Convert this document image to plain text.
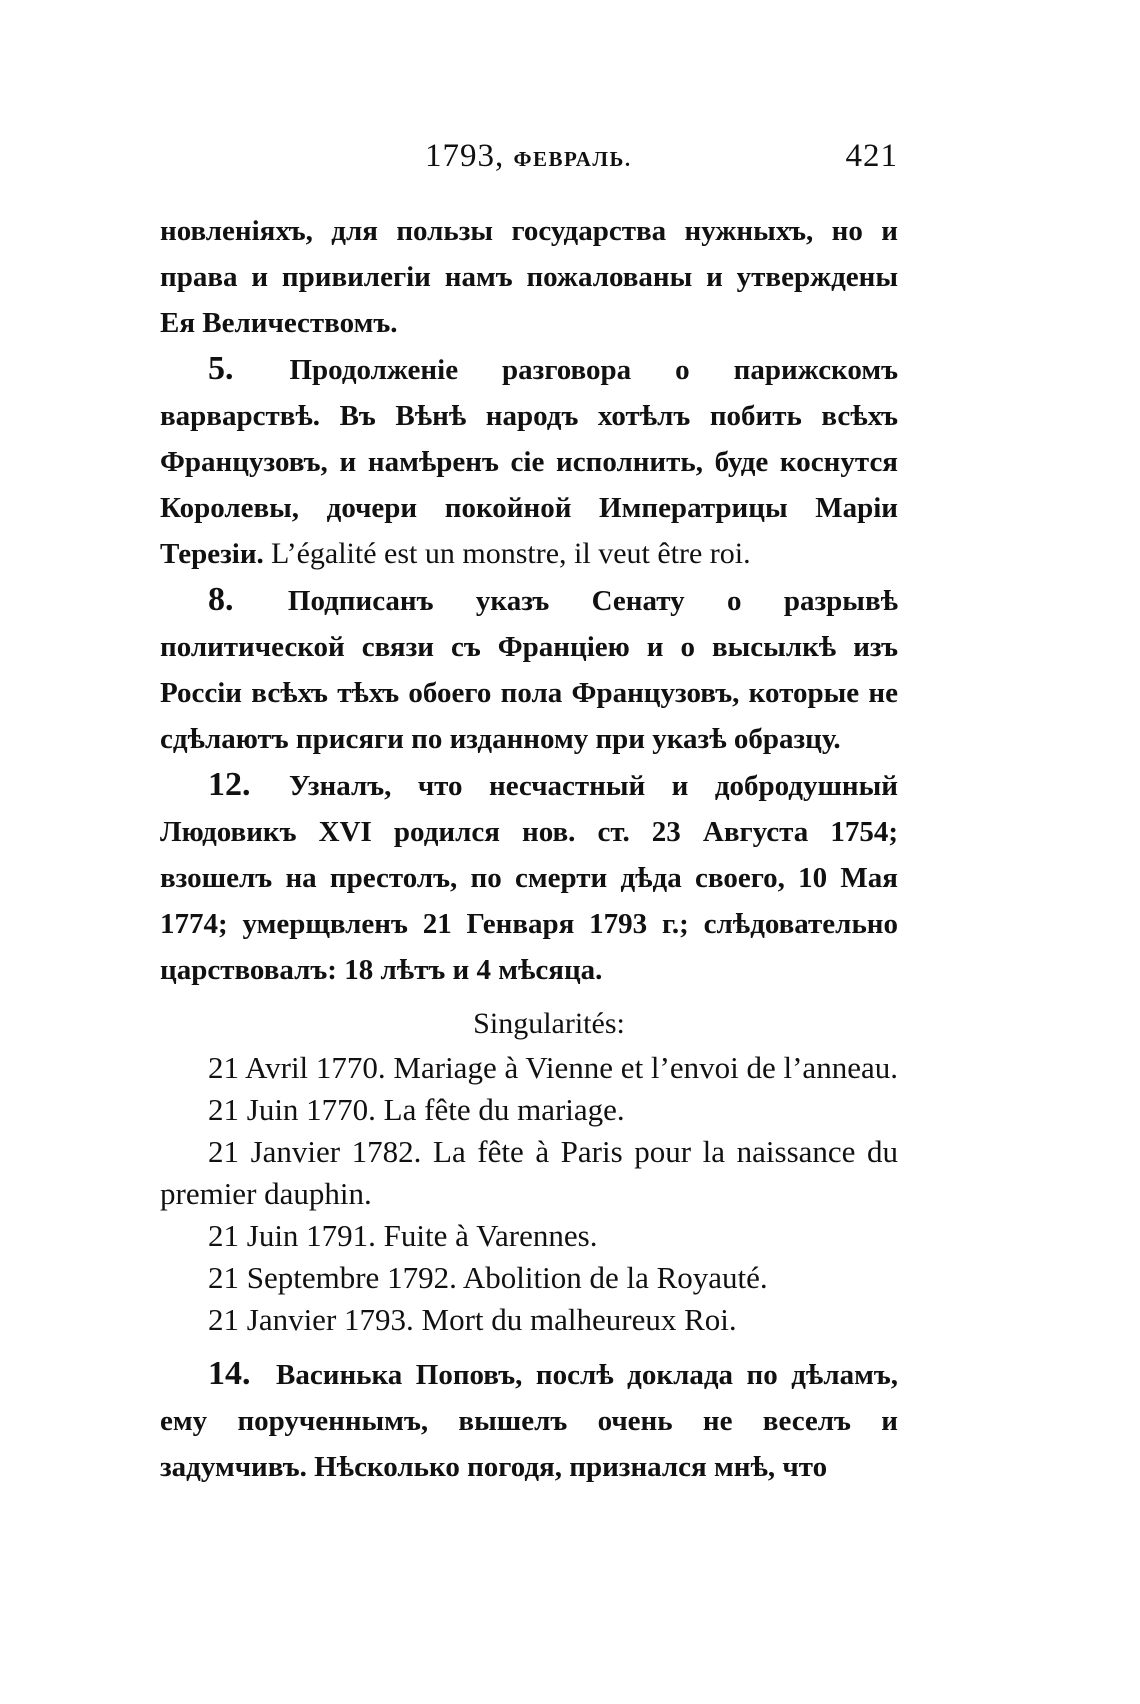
1793, ФЕВРАЛЬ.	421

новленіяхъ, для пользы государства нужныхъ, но и права и привилегіи намъ пожалованы и утверждены Ея Величествомъ.

5. Продолженіе разговора о парижскомъ варварствѣ. Въ Вѣнѣ народъ хотѣлъ побить всѣхъ Французовъ, и намѣренъ сіе исполнить, буде коснутся Королевы, дочери покойной Императрицы Маріи Терезіи. L’égalité est un monstre, il veut être roi.

8. Подписанъ указъ Сенату о разрывѣ политической связи съ Франціею и о высылкѣ изъ Россіи всѣхъ тѣхъ обоего пола Французовъ, которые не сдѣлаютъ присяги по изданному при указѣ образцу.

12. Узналъ, что несчастный и добродушный Людовикъ XVI родился нов. ст. 23 Августа 1754; взошелъ на престолъ, по смерти дѣда своего, 10 Мая 1774; умерщвленъ 21 Генваря 1793 г.; слѣдовательно царствовалъ: 18 лѣтъ и 4 мѣсяца.

Singularités:

21 Avril 1770. Mariage à Vienne et l’envoi de l’anneau.

21 Juin 1770. La fête du mariage.

21 Janvier 1782. La fête à Paris pour la naissance du premier dauphin.

21 Juin 1791. Fuite à Varennes.

21 Septembre 1792. Abolition de la Royauté.

21 Janvier 1793. Mort du malheureux Roi.

14. Васинька Поповъ, послѣ доклада по дѣламъ, ему порученнымъ, вышелъ очень не веселъ и задумчивъ. Нѣсколько погодя, признался мнѣ, что
